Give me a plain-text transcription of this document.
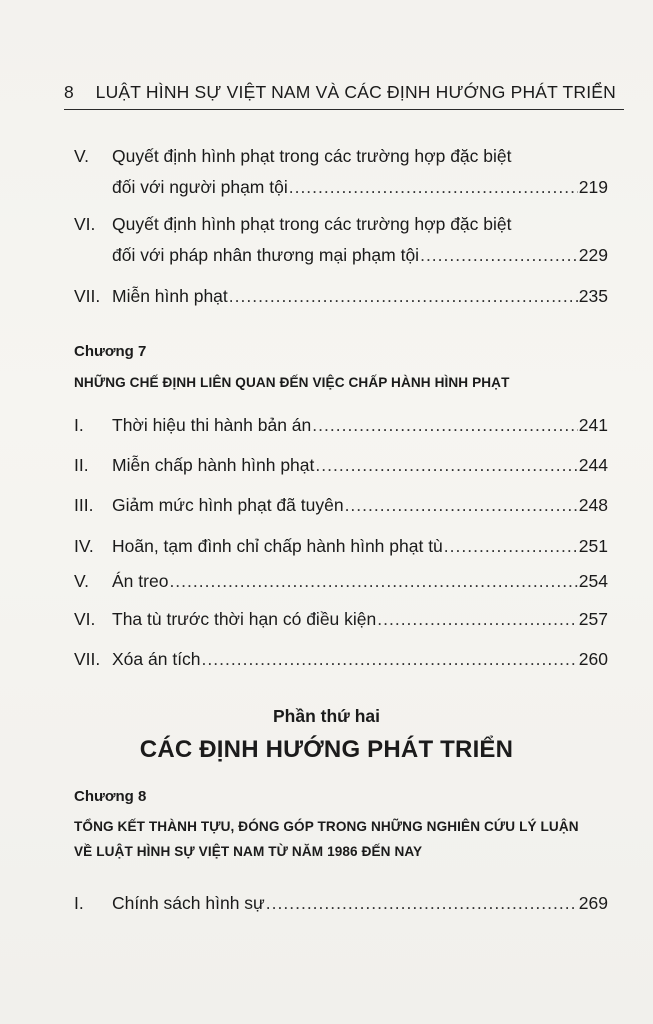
8 LUẬT HÌNH SỰ VIỆT NAM VÀ CÁC ĐỊNH HƯỚNG PHÁT TRIỂN
V. Quyết định hình phạt trong các trường hợp đặc biệt
đối với người phạm tội .....	219
VI. Quyết định hình phạt trong các trường hợp đặc biệt
đối với pháp nhân thương mại phạm tội .....	229
VII. Miễn hình phạt .....	235
Chương 7
NHỮNG CHẾ ĐỊNH LIÊN QUAN ĐẾN VIỆC CHẤP HÀNH HÌNH PHẠT
I. Thời hiệu thi hành bản án .....	241
II. Miễn chấp hành hình phạt .....	244
III. Giảm mức hình phạt đã tuyên .....	248
IV. Hoãn, tạm đình chỉ chấp hành hình phạt tù .....	251
V. Án treo .....	254
VI. Tha tù trước thời hạn có điều kiện .....	257
VII. Xóa án tích .....	260
Phần thứ hai
CÁC ĐỊNH HƯỚNG PHÁT TRIỂN
Chương 8
TỔNG KẾT THÀNH TỰU, ĐÓNG GÓP TRONG NHỮNG NGHIÊN CỨU LÝ LUẬN
VỀ LUẬT HÌNH SỰ VIỆT NAM TỪ NĂM 1986 ĐẾN NAY
I. Chính sách hình sự .....	269
